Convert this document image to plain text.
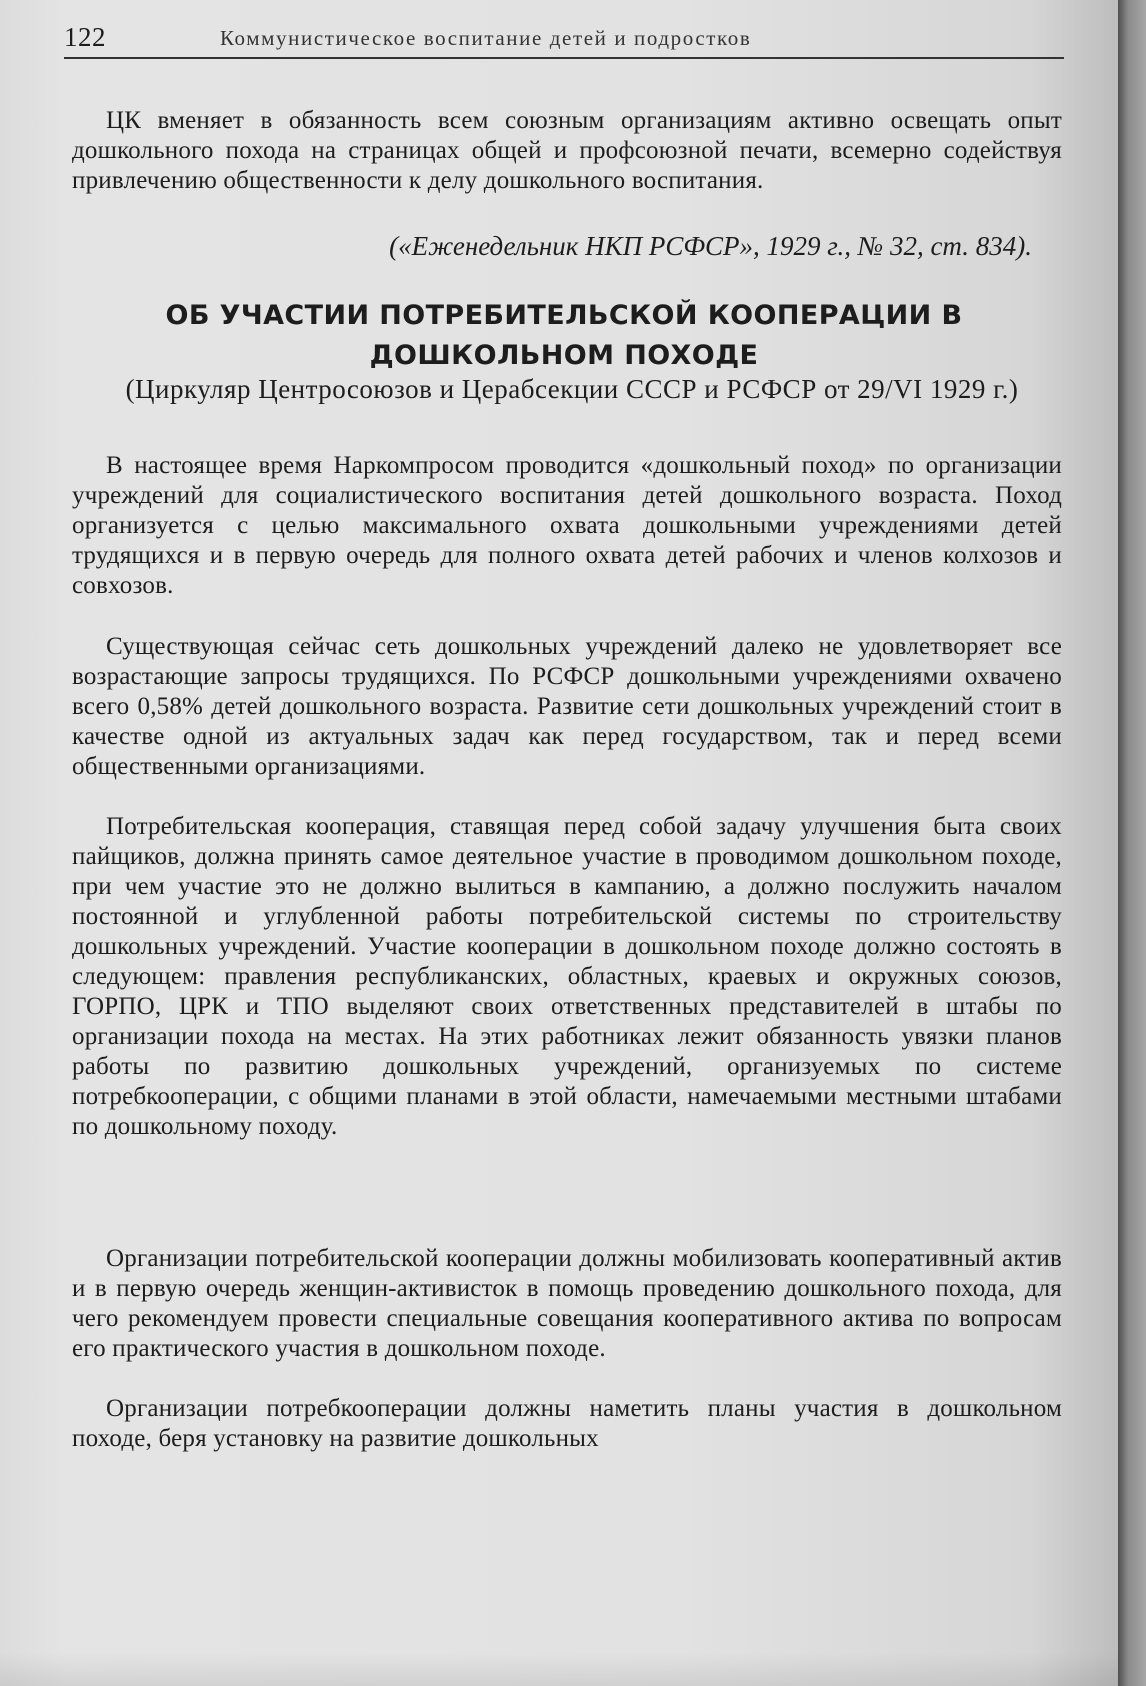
122	Коммунистическое воспитание детей и подростков

ЦК вменяет в обязанность всем союзным организациям активно освещать опыт дошкольного похода на страницах общей и профсоюзной печати, всемерно содействуя привлечению общественности к делу дошкольного воспитания.

(«Еженедельник НКП РСФСР», 1929 г., № 32, ст. 834).

ОБ УЧАСТИИ ПОТРЕБИТЕЛЬСКОЙ КООПЕРАЦИИ В ДОШКОЛЬНОМ ПОХОДЕ

(Циркуляр Центросоюзов и Церабсекции СССР и РСФСР от 29/VI 1929 г.)

В настоящее время Наркомпросом проводится «дошкольный поход» по организации учреждений для социалистического воспитания детей дошкольного возраста. Поход организуется с целью максимального охвата дошкольными учреждениями детей трудящихся и в первую очередь для полного охвата детей рабочих и членов колхозов и совхозов.

Существующая сейчас сеть дошкольных учреждений далеко не удовлетворяет все возрастающие запросы трудящихся. По РСФСР дошкольными учреждениями охвачено всего 0,58% детей дошкольного возраста. Развитие сети дошкольных учреждений стоит в качестве одной из актуальных задач как перед государством, так и перед всеми общественными организациями.

Потребительская кооперация, ставящая перед собой задачу улучшения быта своих пайщиков, должна принять самое деятельное участие в проводимом дошкольном походе, при чем участие это не должно вылиться в кампанию, а должно послужить началом постоянной и углубленной работы потребительской системы по строительству дошкольных учреждений. Участие кооперации в дошкольном походе должно состоять в следующем: правления республиканских, областных, краевых и окружных союзов, ГОРПО, ЦРК и ТПО выделяют своих ответственных представителей в штабы по организации похода на местах. На этих работниках лежит обязанность увязки планов работы по развитию дошкольных учреждений, организуемых по системе потребкооперации, с общими планами в этой области, намечаемыми местными штабами по дошкольному походу.

Организации потребительской кооперации должны мобилизовать кооперативный актив и в первую очередь женщин-активисток в помощь проведению дошкольного похода, для чего рекомендуем провести специальные совещания кооперативного актива по вопросам его практического участия в дошкольном походе.

Организации потребкооперации должны наметить планы участия в дошкольном походе, беря установку на развитие дошкольных
